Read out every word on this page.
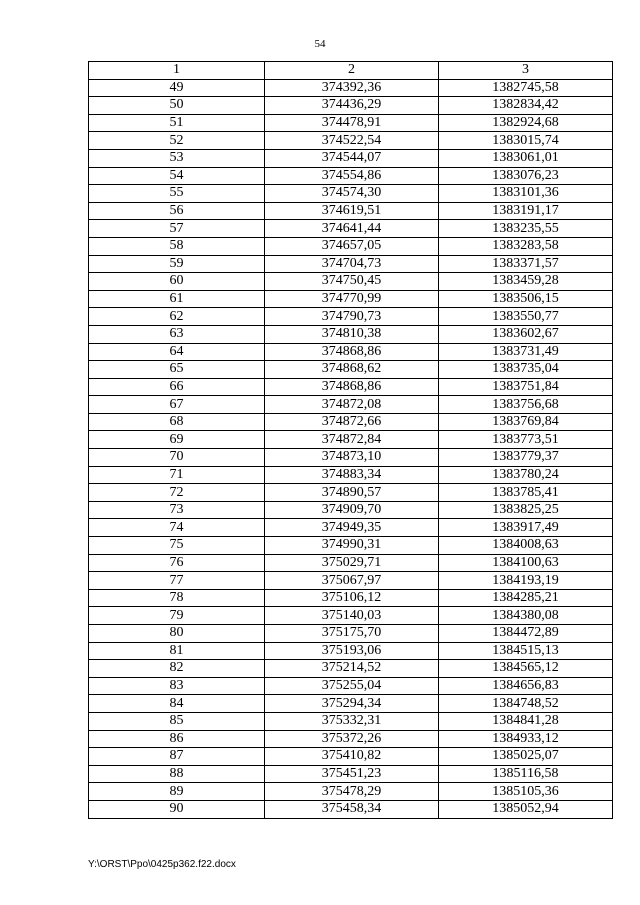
54
1	2	3
49	374392,36	1382745,58
50	374436,29	1382834,42
51	374478,91	1382924,68
52	374522,54	1383015,74
53	374544,07	1383061,01
54	374554,86	1383076,23
55	374574,30	1383101,36
56	374619,51	1383191,17
57	374641,44	1383235,55
58	374657,05	1383283,58
59	374704,73	1383371,57
60	374750,45	1383459,28
61	374770,99	1383506,15
62	374790,73	1383550,77
63	374810,38	1383602,67
64	374868,86	1383731,49
65	374868,62	1383735,04
66	374868,86	1383751,84
67	374872,08	1383756,68
68	374872,66	1383769,84
69	374872,84	1383773,51
70	374873,10	1383779,37
71	374883,34	1383780,24
72	374890,57	1383785,41
73	374909,70	1383825,25
74	374949,35	1383917,49
75	374990,31	1384008,63
76	375029,71	1384100,63
77	375067,97	1384193,19
78	375106,12	1384285,21
79	375140,03	1384380,08
80	375175,70	1384472,89
81	375193,06	1384515,13
82	375214,52	1384565,12
83	375255,04	1384656,83
84	375294,34	1384748,52
85	375332,31	1384841,28
86	375372,26	1384933,12
87	375410,82	1385025,07
88	375451,23	1385116,58
89	375478,29	1385105,36
90	375458,34	1385052,94
Y:\ORST\Ppo\0425p362.f22.docx
